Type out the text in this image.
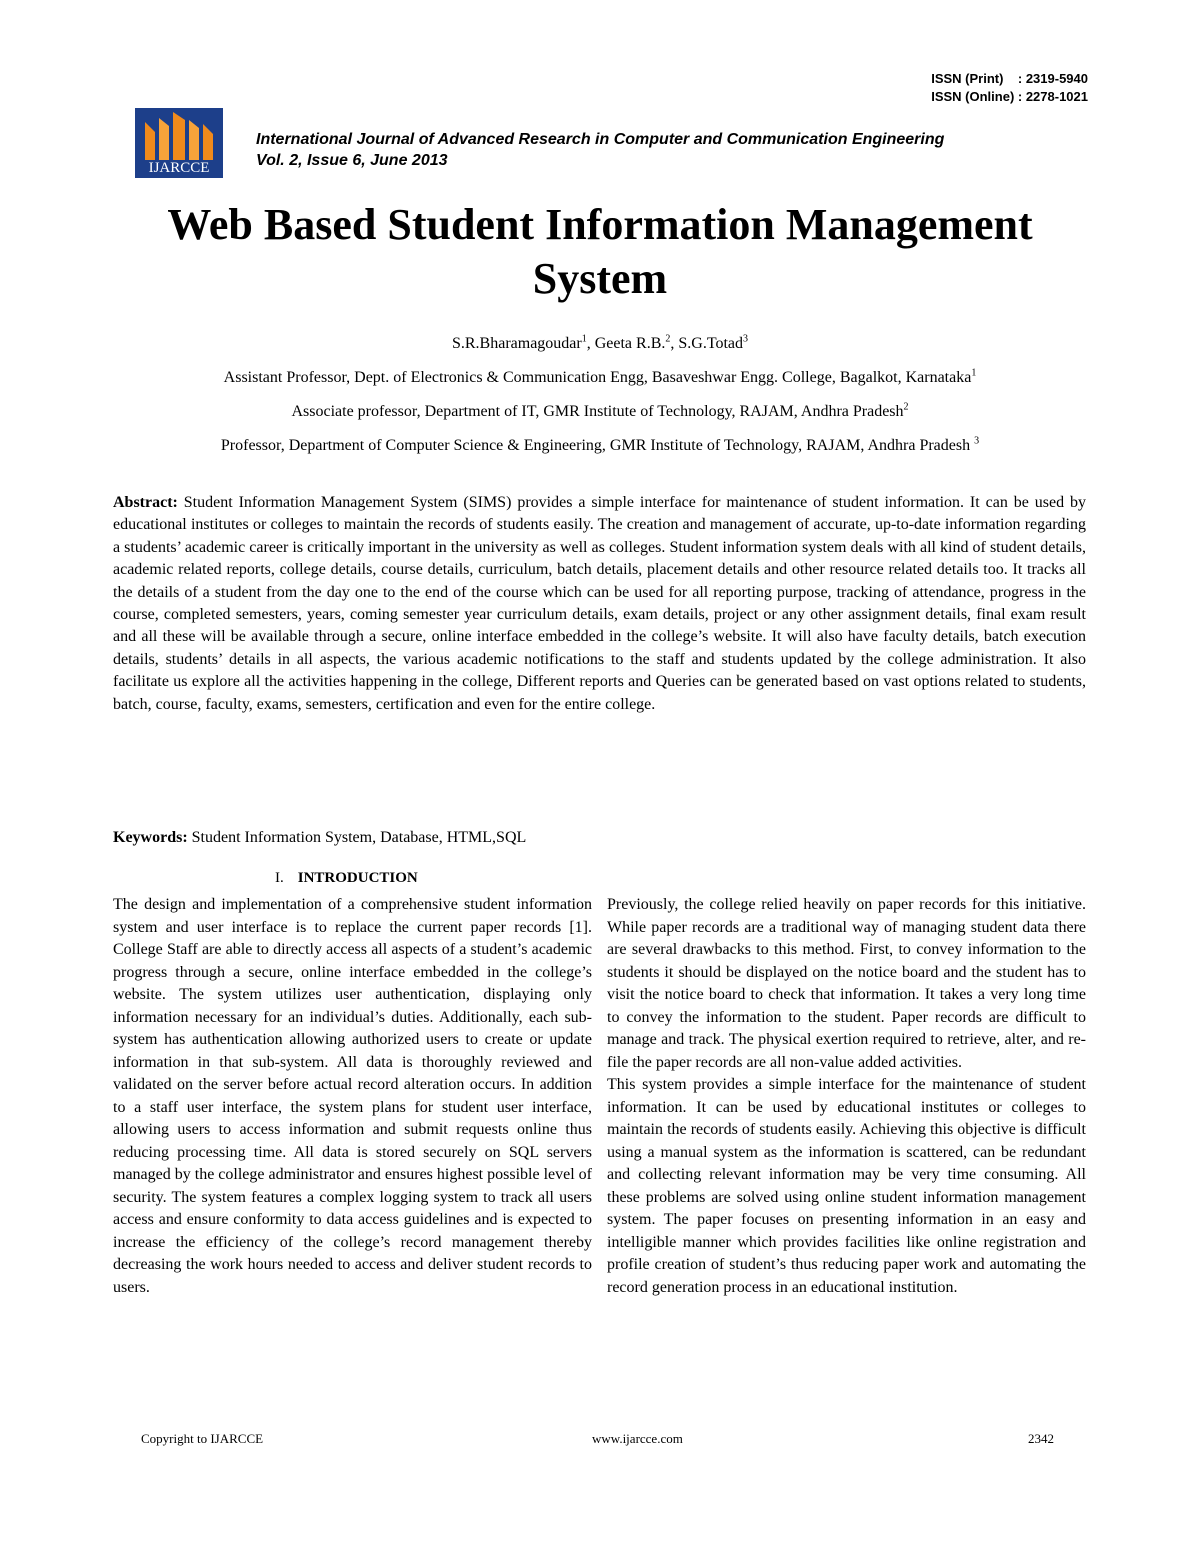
ISSN (Print)    : 2319-5940
ISSN (Online) : 2278-1021
IJARCCE
International Journal of Advanced Research in Computer and Communication Engineering
Vol. 2, Issue 6, June 2013
Web Based Student Information Management
System
S.R.Bharamagoudar$^1$, Geeta R.B.$^2$, S.G.Totad$^3$
Assistant Professor, Dept. of Electronics & Communication Engg, Basaveshwar Engg. College, Bagalkot, Karnataka$^1$
Associate professor, Department of IT, GMR Institute of Technology, RAJAM, Andhra Pradesh$^2$
Professor, Department of Computer Science & Engineering, GMR Institute of Technology, RAJAM, Andhra Pradesh $^3$
Abstract: Student Information Management System (SIMS) provides a simple interface for maintenance of student information. It can be used by educational institutes or colleges to maintain the records of students easily. The creation and management of accurate, up-to-date information regarding a students’ academic career is critically important in the university as well as colleges. Student information system deals with all kind of student details, academic related reports, college details, course details, curriculum, batch details, placement details and other resource related details too. It tracks all the details of a student from the day one to the end of the course which can be used for all reporting purpose, tracking of attendance, progress in the course, completed semesters, years, coming semester year curriculum details, exam details, project or any other assignment details, final exam result and all these will be available through a secure, online interface embedded in the college’s website. It will also have faculty details, batch execution details, students’ details in all aspects, the various academic notifications to the staff and students updated by the college administration. It also facilitate us explore all the activities happening in the college, Different reports and Queries can be generated based on vast options related to students, batch, course, faculty, exams, semesters, certification and even for the entire college.
Keywords: Student Information System, Database, HTML,SQL
I. INTRODUCTION

The design and implementation of a comprehensive student information system and user interface is to replace the current paper records [1]. College Staff are able to directly access all aspects of a student’s academic progress through a secure, online interface embedded in the college’s website. The system utilizes user authentication, displaying only information necessary for an individual’s duties. Additionally, each sub-system has authentication allowing authorized users to create or update information in that sub-system. All data is thoroughly reviewed and validated on the server before actual record alteration occurs. In addition to a staff user interface, the system plans for student user interface, allowing users to access information and submit requests online thus reducing processing time. All data is stored securely on SQL servers managed by the college administrator and ensures highest possible level of security. The system features a complex logging system to track all users access and ensure conformity to data access guidelines and is expected to increase the efficiency of the college’s record management thereby decreasing the work hours needed to access and deliver student records to users.

Previously, the college relied heavily on paper records for this initiative. While paper records are a traditional way of managing student data there are several drawbacks to this method. First, to convey information to the students it should be displayed on the notice board and the student has to visit the notice board to check that information. It takes a very long time to convey the information to the student. Paper records are difficult to manage and track. The physical exertion required to retrieve, alter, and re-file the paper records are all non-value added activities.

This system provides a simple interface for the maintenance of student information. It can be used by educational institutes or colleges to maintain the records of students easily. Achieving this objective is difficult using a manual system as the information is scattered, can be redundant and collecting relevant information may be very time consuming. All these problems are solved using online student information management system. The paper focuses on presenting information in an easy and intelligible manner which provides facilities like online registration and profile creation of student’s thus reducing paper work and automating the record generation process in an educational institution.

Copyright to IJARCCE	www.ijarcce.com	2342
